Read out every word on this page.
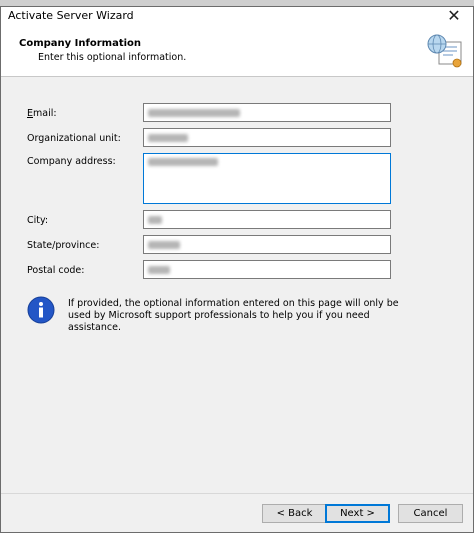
Activate Server Wizard	✕
Company Information
Enter this optional information.
Email:
Organizational unit:
Company address:
City:
State/province:
Postal code:
If provided, the optional information entered on this page will only be used by Microsoft support professionals to help you if you need assistance.
< Back	Next >	Cancel
